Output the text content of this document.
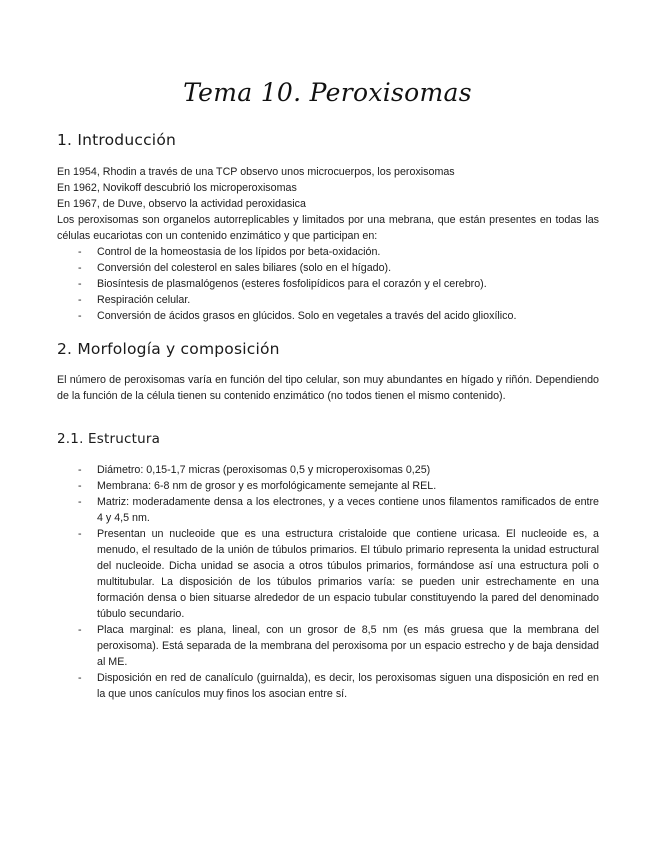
Tema 10. Peroxisomas
1. Introducción
En 1954, Rhodin a través de una TCP observo unos microcuerpos, los peroxisomas
En 1962, Novikoff descubrió los microperoxisomas
En 1967, de Duve, observo la actividad peroxidasica
Los peroxisomas son organelos autorreplicables y limitados por una mebrana, que están presentes en todas las células eucariotas con un contenido enzimático y que participan en:
- Control de la homeostasia de los lípidos por beta-oxidación.
- Conversión del colesterol en sales biliares (solo en el hígado).
- Biosíntesis de plasmalógenos (esteres fosfolipídicos para el corazón y el cerebro).
- Respiración celular.
- Conversión de ácidos grasos en glúcidos. Solo en vegetales a través del acido glioxílico.
2. Morfología y composición
El número de peroxisomas varía en función del tipo celular, son muy abundantes en hígado y riñón. Dependiendo de la función de la célula tienen su contenido enzimático (no todos tienen el mismo contenido).
2.1. Estructura
- Diámetro: 0,15-1,7 micras (peroxisomas 0,5 y microperoxisomas 0,25)
- Membrana: 6-8 nm de grosor y es morfológicamente semejante al REL.
- Matriz: moderadamente densa a los electrones, y a veces contiene unos filamentos ramificados de entre 4 y 4,5 nm.
- Presentan un nucleoide que es una estructura cristaloide que contiene uricasa. El nucleoide es, a menudo, el resultado de la unión de túbulos primarios. El túbulo primario representa la unidad estructural del nucleoide. Dicha unidad se asocia a otros túbulos primarios, formándose así una estructura poli o multitubular. La disposición de los túbulos primarios varía: se pueden unir estrechamente en una formación densa o bien situarse alrededor de un espacio tubular constituyendo la pared del denominado túbulo secundario.
- Placa marginal: es plana, lineal, con un grosor de 8,5 nm (es más gruesa que la membrana del peroxisoma). Está separada de la membrana del peroxisoma por un espacio estrecho y de baja densidad al ME.
- Disposición en red de canalículo (guirnalda), es decir, los peroxisomas siguen una disposición en red en la que unos canículos muy finos los asocian entre sí.
